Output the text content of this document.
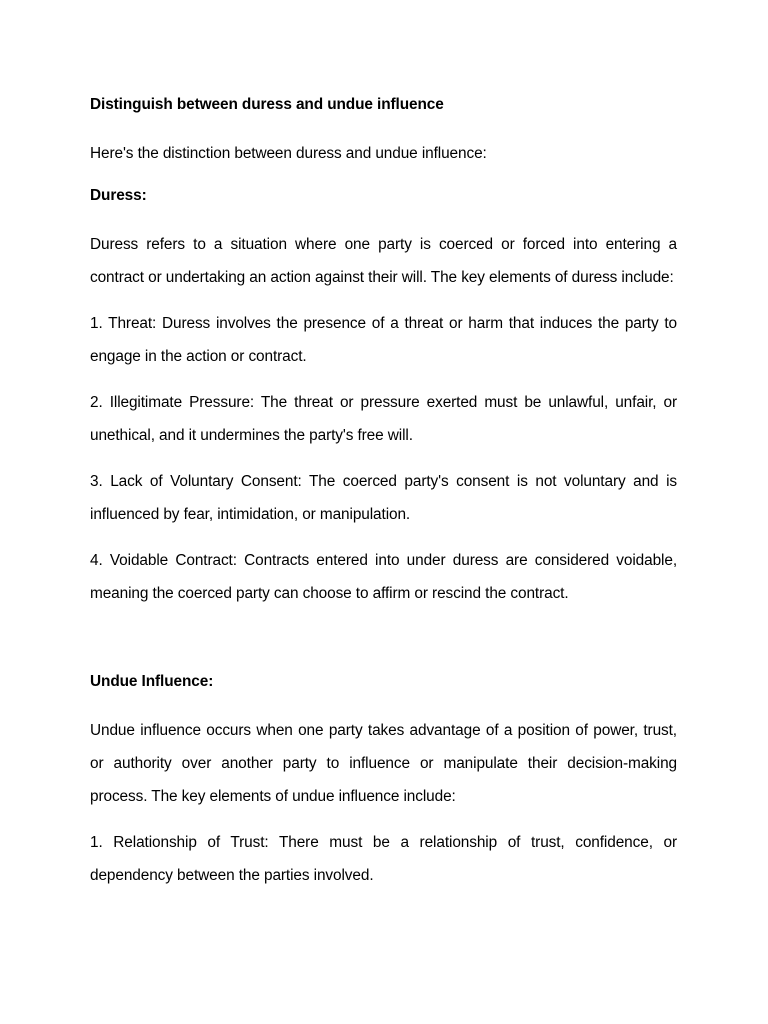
Distinguish between duress and undue influence
Here's the distinction between duress and undue influence:
Duress:
Duress refers to a situation where one party is coerced or forced into entering a contract or undertaking an action against their will. The key elements of duress include:
1. Threat: Duress involves the presence of a threat or harm that induces the party to engage in the action or contract.
2. Illegitimate Pressure: The threat or pressure exerted must be unlawful, unfair, or unethical, and it undermines the party's free will.
3. Lack of Voluntary Consent: The coerced party's consent is not voluntary and is influenced by fear, intimidation, or manipulation.
4. Voidable Contract: Contracts entered into under duress are considered voidable, meaning the coerced party can choose to affirm or rescind the contract.
Undue Influence:
Undue influence occurs when one party takes advantage of a position of power, trust, or authority over another party to influence or manipulate their decision-making process. The key elements of undue influence include:
1. Relationship of Trust: There must be a relationship of trust, confidence, or dependency between the parties involved.
